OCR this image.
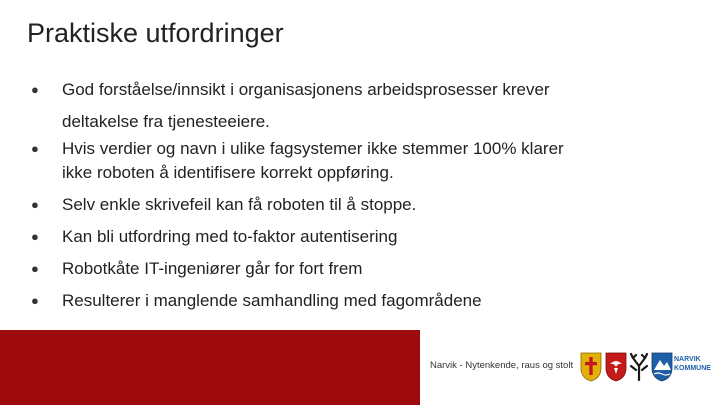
Praktiske utfordringer
● God forståelse/innsikt i organisasjonens arbeidsprosesser krever
deltakelse fra tjenesteeiere.
● Hvis verdier og navn i ulike fagsystemer ikke stemmer 100% klarer
ikke roboten å identifisere korrekt oppføring.
● Selv enkle skrivefeil kan få roboten til å stoppe.
● Kan bli utfordring med to-faktor autentisering
● Robotkåte IT-ingeniører går for fort frem
● Resulterer i manglende samhandling med fagområdene
Narvik - Nytenkende, raus og stolt
NARVIK
KOMMUNE
